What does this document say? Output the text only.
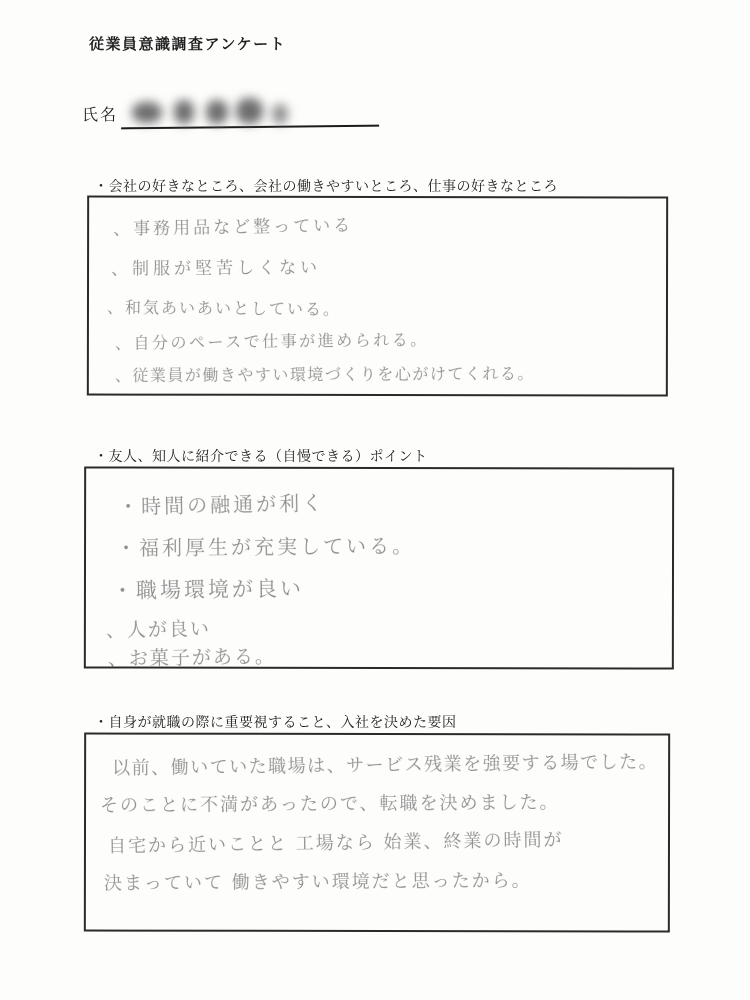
従業員意識調査アンケート
氏名
・会社の好きなところ、会社の働きやすいところ、仕事の好きなところ
、事務用品など整っている
、制服が堅苦しくない
、和気あいあいとしている。
、自分のペースで仕事が進められる。
、従業員が働きやすい環境づくりを心がけてくれる。
・友人、知人に紹介できる（自慢できる）ポイント
・時間の融通が利く
・福利厚生が充実している。
・職場環境が良い
、人が良い
、お菓子がある。
・自身が就職の際に重要視すること、入社を決めた要因
以前、働いていた職場は、サービス残業を強要する場でした。
そのことに不満があったので、転職を決めました。
自宅から近いことと 工場なら 始業、終業の時間が
決まっていて 働きやすい環境だと思ったから。
